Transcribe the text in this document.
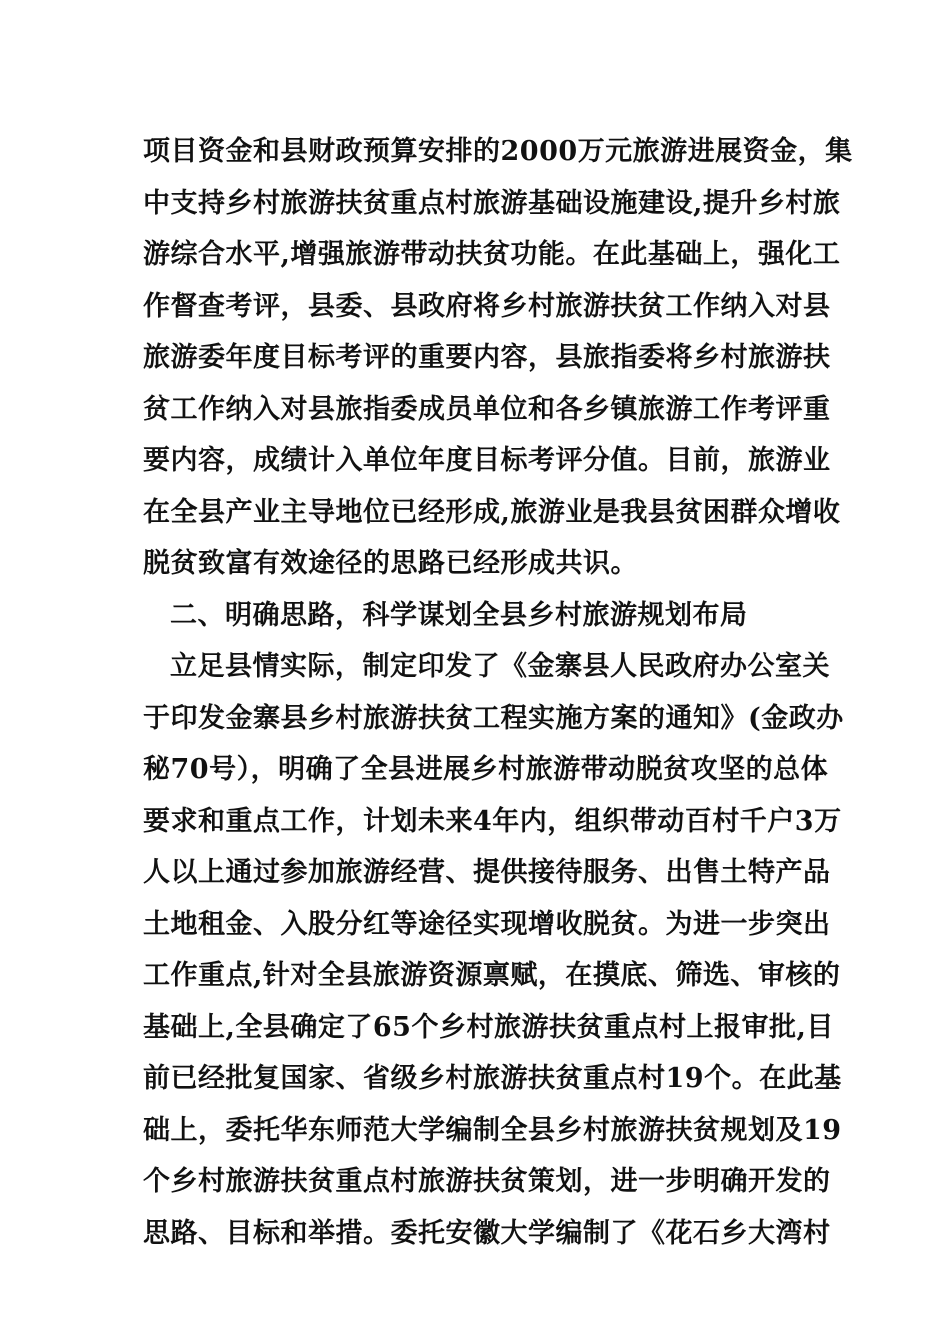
项目资金和县财政预算安排的2000万元旅游进展资金，集
中支持乡村旅游扶贫重点村旅游基础设施建设,提升乡村旅
游综合水平,增强旅游带动扶贫功能。在此基础上，强化工
作督查考评，县委、县政府将乡村旅游扶贫工作纳入对县
旅游委年度目标考评的重要内容，县旅指委将乡村旅游扶
贫工作纳入对县旅指委成员单位和各乡镇旅游工作考评重
要内容，成绩计入单位年度目标考评分值。目前，旅游业
在全县产业主导地位已经形成,旅游业是我县贫困群众增收
脱贫致富有效途径的思路已经形成共识。
二、明确思路，科学谋划全县乡村旅游规划布局
立足县情实际，制定印发了《金寨县人民政府办公室关
于印发金寨县乡村旅游扶贫工程实施方案的通知》(金政办
秘70号），明确了全县进展乡村旅游带动脱贫攻坚的总体
要求和重点工作，计划未来4年内，组织带动百村千户3万
人以上通过参加旅游经营、提供接待服务、出售土特产品
土地租金、入股分红等途径实现增收脱贫。为进一步突出
工作重点,针对全县旅游资源禀赋，在摸底、筛选、审核的
基础上,全县确定了65个乡村旅游扶贫重点村上报审批,目
前已经批复国家、省级乡村旅游扶贫重点村19个。在此基
础上，委托华东师范大学编制全县乡村旅游扶贫规划及19
个乡村旅游扶贫重点村旅游扶贫策划，进一步明确开发的
思路、目标和举措。委托安徽大学编制了《花石乡大湾村
